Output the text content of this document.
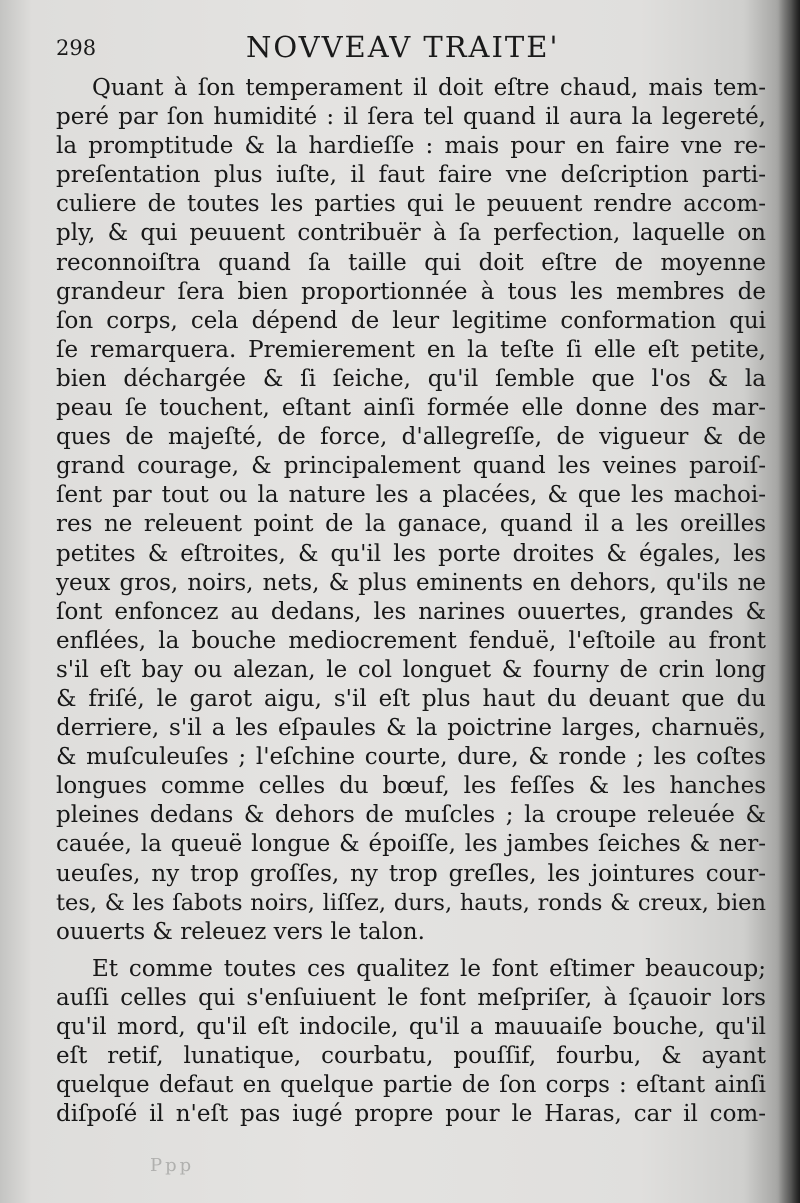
298	NOVVEAV TRAITE'
Quant à ſon temperament il doit eſtre chaud, mais tem-
peré par ſon humidité : il ſera tel quand il aura la legereté,
la promptitude & la hardieſſe : mais pour en faire vne re-
preſentation plus iuſte, il faut faire vne deſcription parti-
culiere de toutes les parties qui le peuuent rendre accom-
ply, & qui peuuent contribuër à ſa perfection, laquelle on
reconnoiſtra quand ſa taille qui doit eſtre de moyenne
grandeur ſera bien proportionnée à tous les membres de
ſon corps, cela dépend de leur legitime conformation qui
ſe remarquera. Premierement en la teſte ſi elle eſt petite,
bien déchargée & ſi ſeiche, qu'il ſemble que l'os & la
peau ſe touchent, eſtant ainſi formée elle donne des mar-
ques de majeſté, de force, d'allegreſſe, de vigueur & de
grand courage, & principalement quand les veines paroiſ-
ſent par tout ou la nature les a placées, & que les machoi-
res ne releuent point de la ganace, quand il a les oreilles
petites & eſtroites, & qu'il les porte droites & égales, les
yeux gros, noirs, nets, & plus eminents en dehors, qu'ils ne
ſont enfoncez au dedans, les narines ouuertes, grandes &
enflées, la bouche mediocrement fenduë, l'eſtoile au front
s'il eſt bay ou alezan, le col longuet & fourny de crin long
& friſé, le garot aigu, s'il eſt plus haut du deuant que du
derriere, s'il a les eſpaules & la poictrine larges, charnuës,
& muſculeuſes ; l'eſchine courte, dure, & ronde ; les coſtes
longues comme celles du bœuf, les feſſes & les hanches
pleines dedans & dehors de muſcles ; la croupe releuée &
cauée, la queuë longue & époiſſe, les jambes ſeiches & ner-
ueuſes, ny trop groſſes, ny trop greſles, les jointures cour-
tes, & les ſabots noirs, liſſez, durs, hauts, ronds & creux, bien
ouuerts & releuez vers le talon.
Et comme toutes ces qualitez le font eſtimer beaucoup;
auſſi celles qui s'enſuiuent le font meſpriſer, à ſçauoir lors
qu'il mord, qu'il eſt indocile, qu'il a mauuaiſe bouche, qu'il
eſt retif, lunatique, courbatu, pouſſif, fourbu, & ayant
quelque defaut en quelque partie de ſon corps : eſtant ainſi
diſpoſé il n'eſt pas iugé propre pour le Haras, car il com-
Ppp
